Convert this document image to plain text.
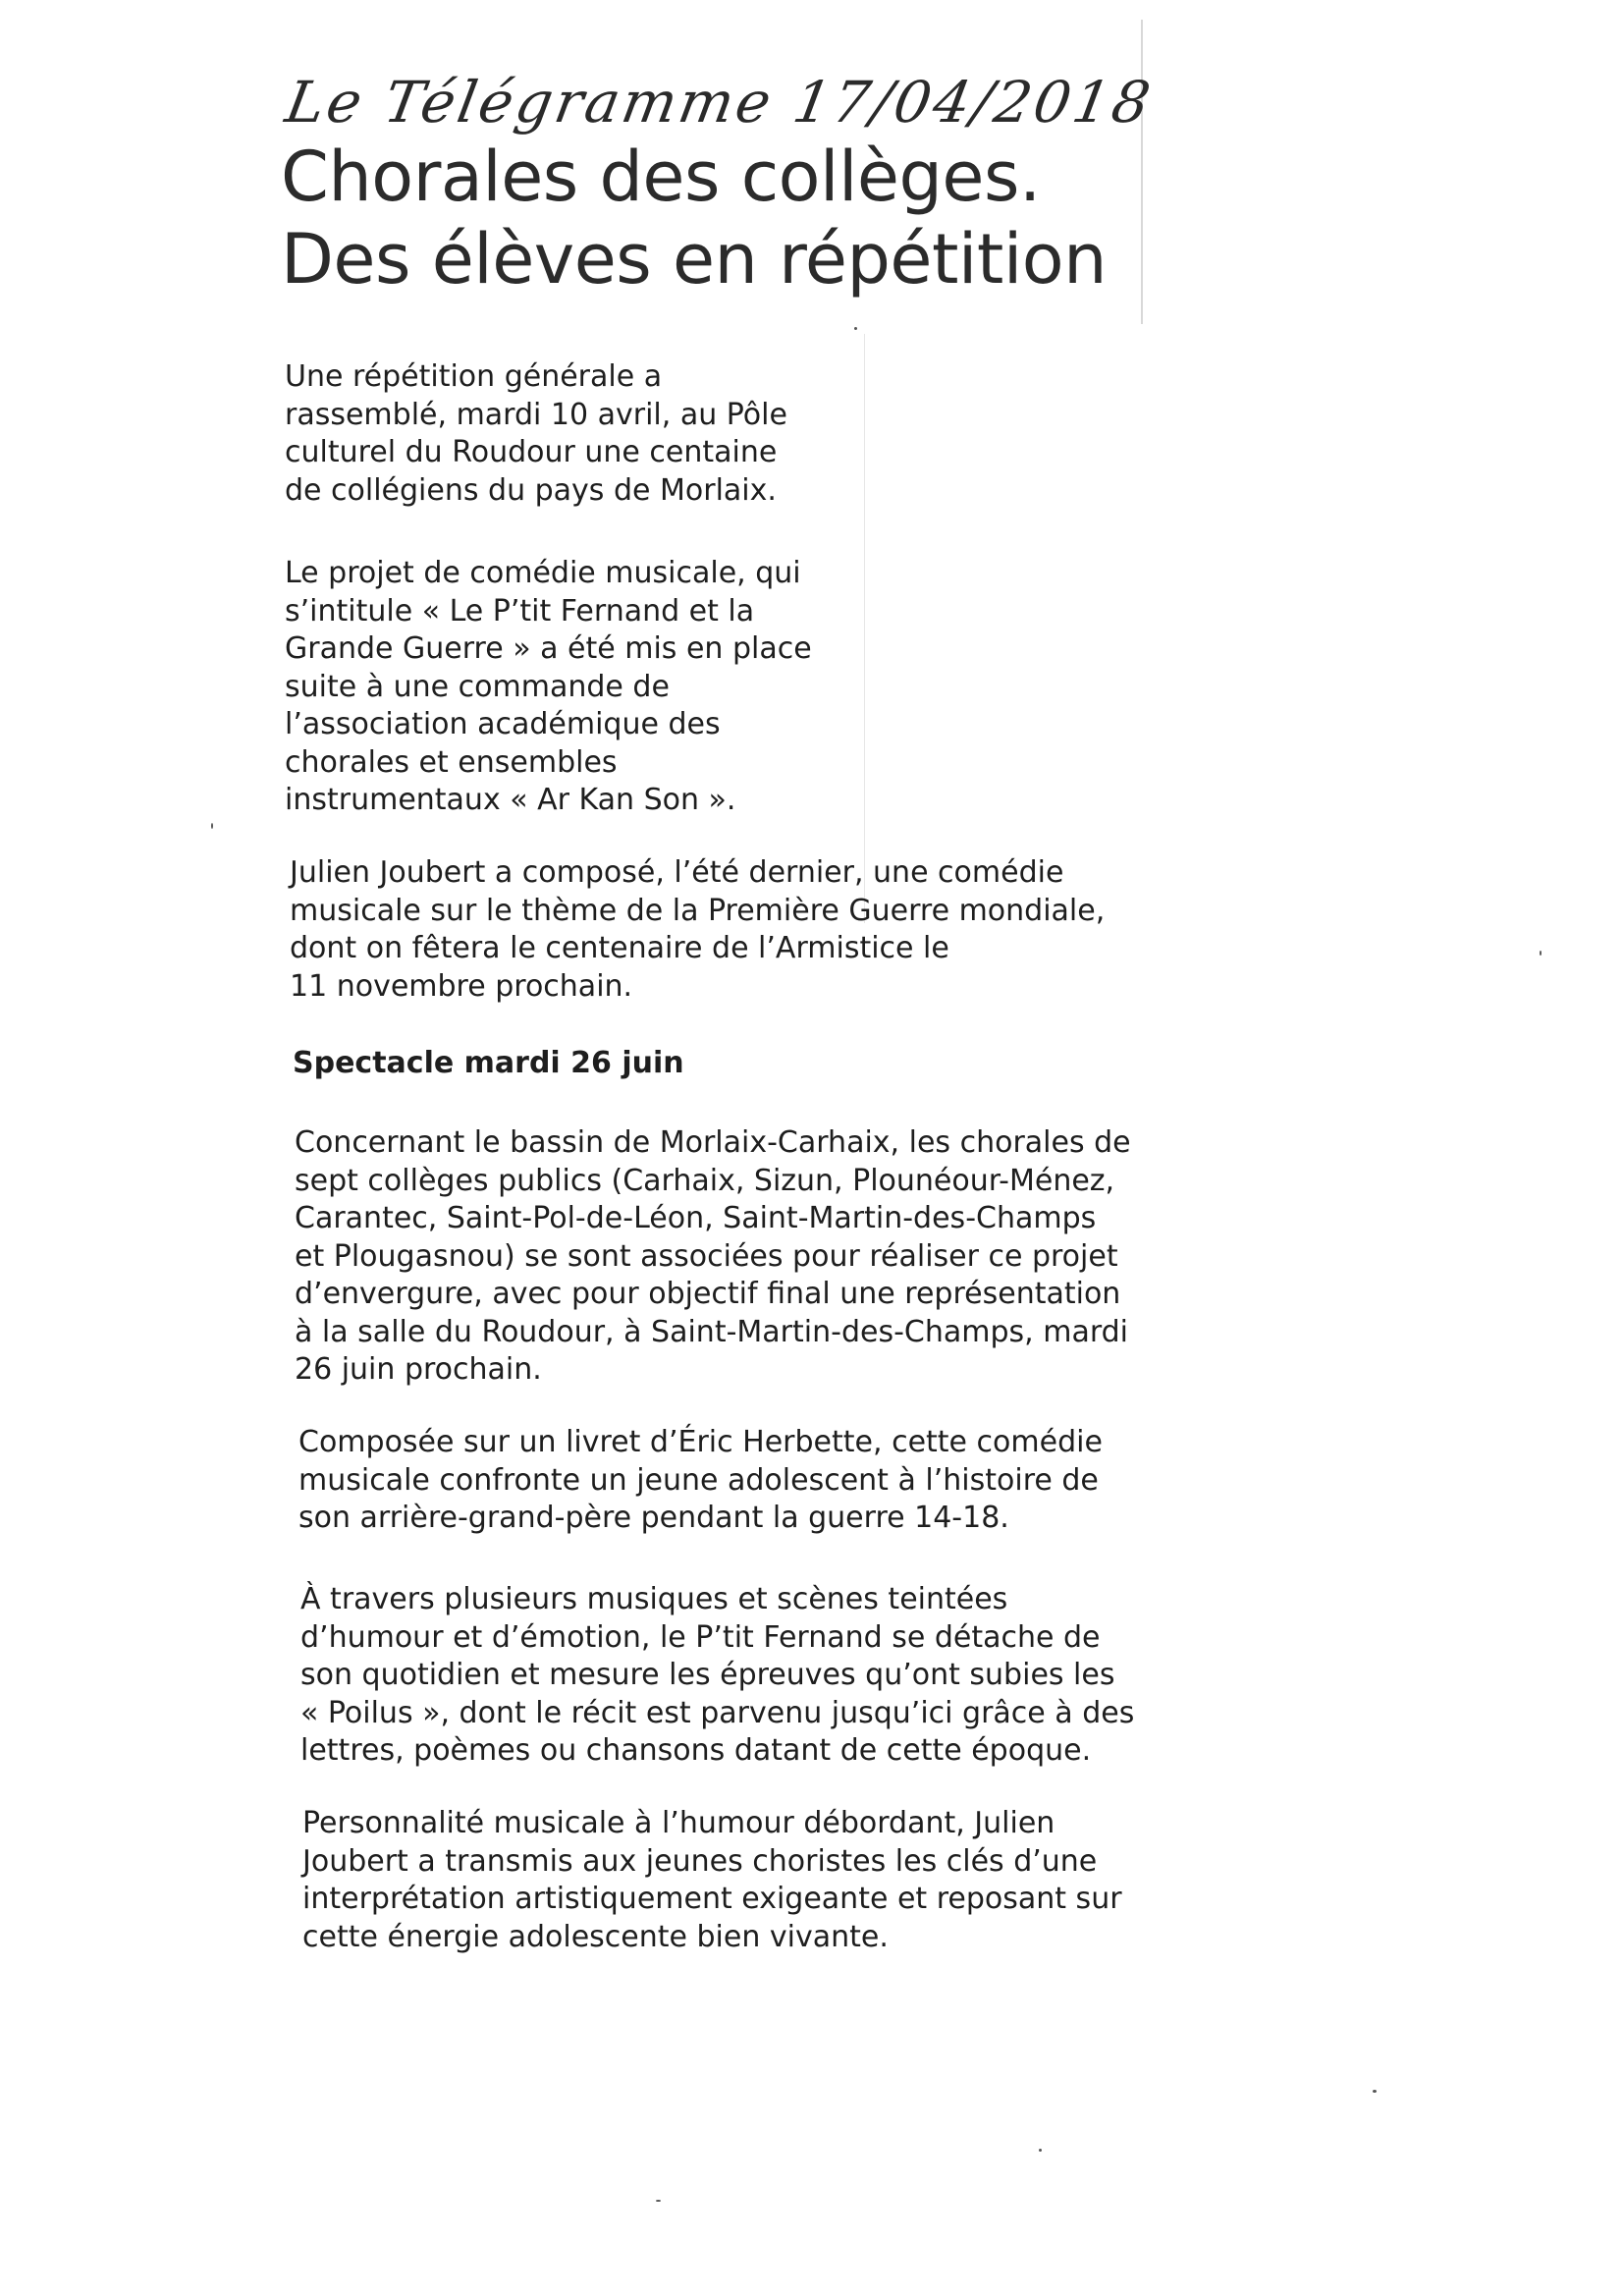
Le Télégramme 17/04/2018
Chorales des collèges.
Des élèves en répétition

Une répétition générale a
rassemblé, mardi 10 avril, au Pôle
culturel du Roudour une centaine
de collégiens du pays de Morlaix.

Le projet de comédie musicale, qui
s’intitule « Le P’tit Fernand et la
Grande Guerre » a été mis en place
suite à une commande de
l’association académique des
chorales et ensembles
instrumentaux « Ar Kan Son ».

Julien Joubert a composé, l’été dernier, une comédie
musicale sur le thème de la Première Guerre mondiale,
dont on fêtera le centenaire de l’Armistice le
11 novembre prochain.

Spectacle mardi 26 juin

Concernant le bassin de Morlaix-Carhaix, les chorales de
sept collèges publics (Carhaix, Sizun, Plounéour-Ménez,
Carantec, Saint-Pol-de-Léon, Saint-Martin-des-Champs
et Plougasnou) se sont associées pour réaliser ce projet
d’envergure, avec pour objectif final une représentation
à la salle du Roudour, à Saint-Martin-des-Champs, mardi
26 juin prochain.

Composée sur un livret d’Éric Herbette, cette comédie
musicale confronte un jeune adolescent à l’histoire de
son arrière-grand-père pendant la guerre 14-18.

À travers plusieurs musiques et scènes teintées
d’humour et d’émotion, le P’tit Fernand se détache de
son quotidien et mesure les épreuves qu’ont subies les
« Poilus », dont le récit est parvenu jusqu’ici grâce à des
lettres, poèmes ou chansons datant de cette époque.

Personnalité musicale à l’humour débordant, Julien
Joubert a transmis aux jeunes choristes les clés d’une
interprétation artistiquement exigeante et reposant sur
cette énergie adolescente bien vivante.
